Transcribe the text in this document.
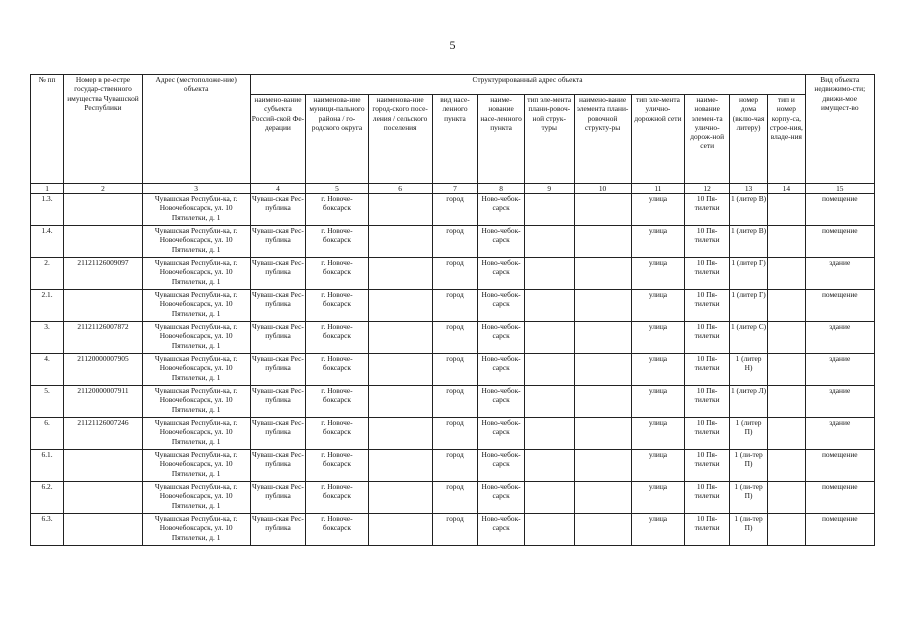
5
№ пп	Номер в ре-естре государ-ственного имущества Чувашской Республики	Адрес (местоположе-ние) объекта	Структурированный адрес объекта											Вид объекта недвижимо-сти; движи-мое имущест-во
			наимено-вание субъекта Россий-ской Фе-дерации	наименова-ние муници-пального района / го-родского округа	наименова-ние город-ского посе-ления / сельского поселения	вид насе-ленного пункта	наиме-нование насе-ленного пункта	тип эле-мента плани-ровоч-ной струк-туры	наимено-вание элемента плани-ровочной структу-ры	тип эле-мента улично-дорожной сети	наиме-нование элемен-та улично-дорож-ной сети	номер дома (вклю-чая литеру)	тип и номер корпу-са, строе-ния, владе-ния	
1	2	3	4	5	6	7	8	9	10	11	12	13	14	15
1.3.		Чувашская Республи-ка, г. Новочебоксарск, ул. 10 Пятилетки, д. 1	Чуваш-ская Рес-публика	г. Новоче-боксарск		город	Ново-чебок-сарск			улица	10 Пя-тилетки	1 (литер В)		помещение
1.4.		Чувашская Республи-ка, г. Новочебоксарск, ул. 10 Пятилетки, д. 1	Чуваш-ская Рес-публика	г. Новоче-боксарск		город	Ново-чебок-сарск			улица	10 Пя-тилетки	1 (литер В)		помещение
2.	21121126009097	Чувашская Республи-ка, г. Новочебоксарск, ул. 10 Пятилетки, д. 1	Чуваш-ская Рес-публика	г. Новоче-боксарск		город	Ново-чебок-сарск			улица	10 Пя-тилетки	1 (литер Г)		здание
2.1.		Чувашская Республи-ка, г. Новочебоксарск, ул. 10 Пятилетки, д. 1	Чуваш-ская Рес-публика	г. Новоче-боксарск		город	Ново-чебок-сарск			улица	10 Пя-тилетки	1 (литер Г)		помещение
3.	21121126007872	Чувашская Республи-ка, г. Новочебоксарск, ул. 10 Пятилетки, д. 1	Чуваш-ская Рес-публика	г. Новоче-боксарск		город	Ново-чебок-сарск			улица	10 Пя-тилетки	1 (литер С)		здание
4.	21120000007905	Чувашская Республи-ка, г. Новочебоксарск, ул. 10 Пятилетки, д. 1	Чуваш-ская Рес-публика	г. Новоче-боксарск		город	Ново-чебок-сарск			улица	10 Пя-тилетки	1 (литер Н)		здание
5.	21120000007911	Чувашская Республи-ка, г. Новочебоксарск, ул. 10 Пятилетки, д. 1	Чуваш-ская Рес-публика	г. Новоче-боксарск		город	Ново-чебок-сарск			улица	10 Пя-тилетки	1 (литер Л)		здание
6.	21121126007246	Чувашская Республи-ка, г. Новочебоксарск, ул. 10 Пятилетки, д. 1	Чуваш-ская Рес-публика	г. Новоче-боксарск		город	Ново-чебок-сарск			улица	10 Пя-тилетки	1 (литер П)		здание
6.1.		Чувашская Республи-ка, г. Новочебоксарск, ул. 10 Пятилетки, д. 1	Чуваш-ская Рес-публика	г. Новоче-боксарск		город	Ново-чебок-сарск			улица	10 Пя-тилетки	1 (ли-тер П)		помещение
6.2.		Чувашская Республи-ка, г. Новочебоксарск, ул. 10 Пятилетки, д. 1	Чуваш-ская Рес-публика	г. Новоче-боксарск		город	Ново-чебок-сарск			улица	10 Пя-тилетки	1 (ли-тер П)		помещение
6.3.		Чувашская Республи-ка, г. Новочебоксарск, ул. 10 Пятилетки, д. 1	Чуваш-ская Рес-публика	г. Новоче-боксарск		город	Ново-чебок-сарск			улица	10 Пя-тилетки	1 (ли-тер П)		помещение
